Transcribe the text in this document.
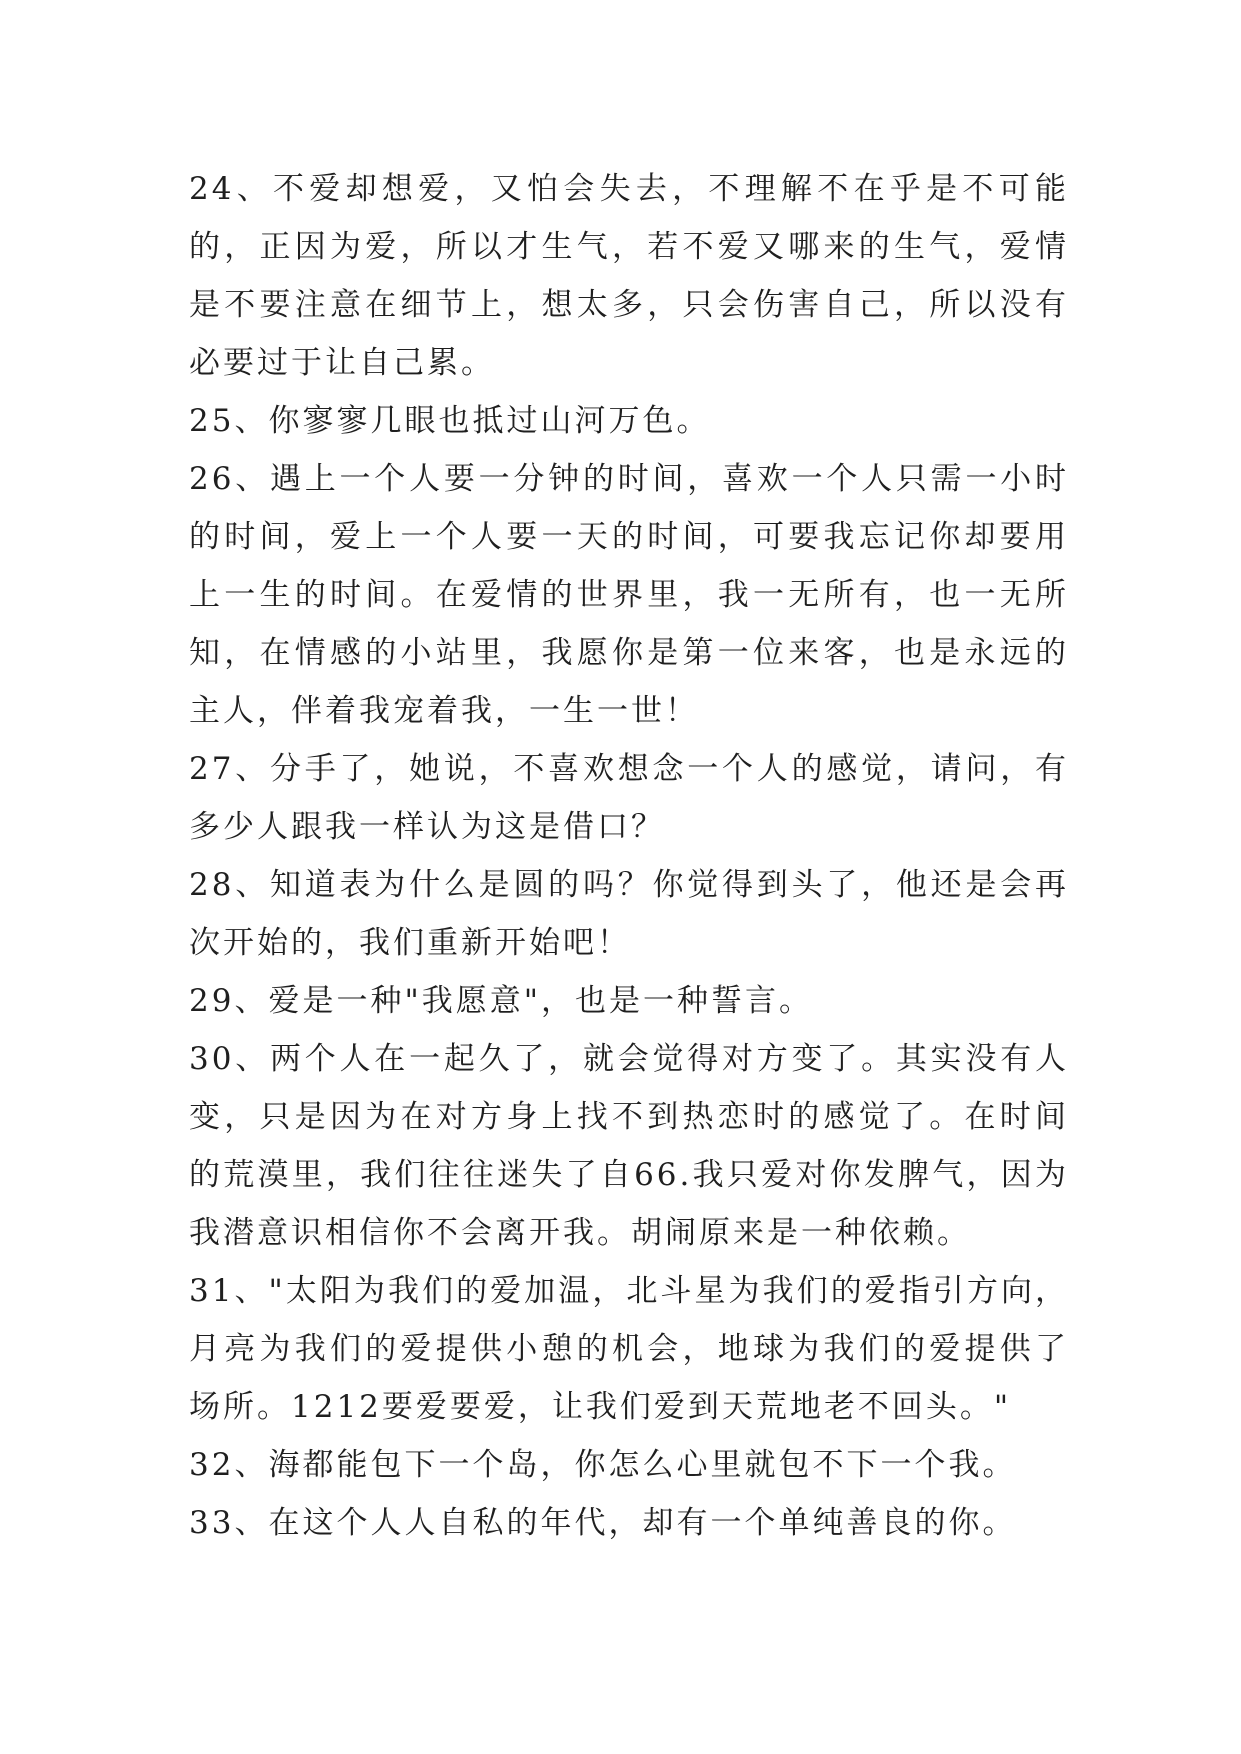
24、不爱却想爱，又怕会失去，不理解不在乎是不可能的，正因为爱，所以才生气，若不爱又哪来的生气，爱情是不要注意在细节上，想太多，只会伤害自己，所以没有必要过于让自己累。

25、你寥寥几眼也抵过山河万色。

26、遇上一个人要一分钟的时间，喜欢一个人只需一小时的时间，爱上一个人要一天的时间，可要我忘记你却要用上一生的时间。在爱情的世界里，我一无所有，也一无所知，在情感的小站里，我愿你是第一位来客，也是永远的主人，伴着我宠着我，一生一世！

27、分手了，她说，不喜欢想念一个人的感觉，请问，有多少人跟我一样认为这是借口？

28、知道表为什么是圆的吗？你觉得到头了，他还是会再次开始的，我们重新开始吧！

29、爱是一种"我愿意"，也是一种誓言。

30、两个人在一起久了，就会觉得对方变了。其实没有人变，只是因为在对方身上找不到热恋时的感觉了。在时间的荒漠里，我们往往迷失了自66.我只爱对你发脾气，因为我潜意识相信你不会离开我。胡闹原来是一种依赖。

31、"太阳为我们的爱加温，北斗星为我们的爱指引方向，月亮为我们的爱提供小憩的机会，地球为我们的爱提供了场所。1212要爱要爱，让我们爱到天荒地老不回头。"

32、海都能包下一个岛，你怎么心里就包不下一个我。

33、在这个人人自私的年代，却有一个单纯善良的你。
